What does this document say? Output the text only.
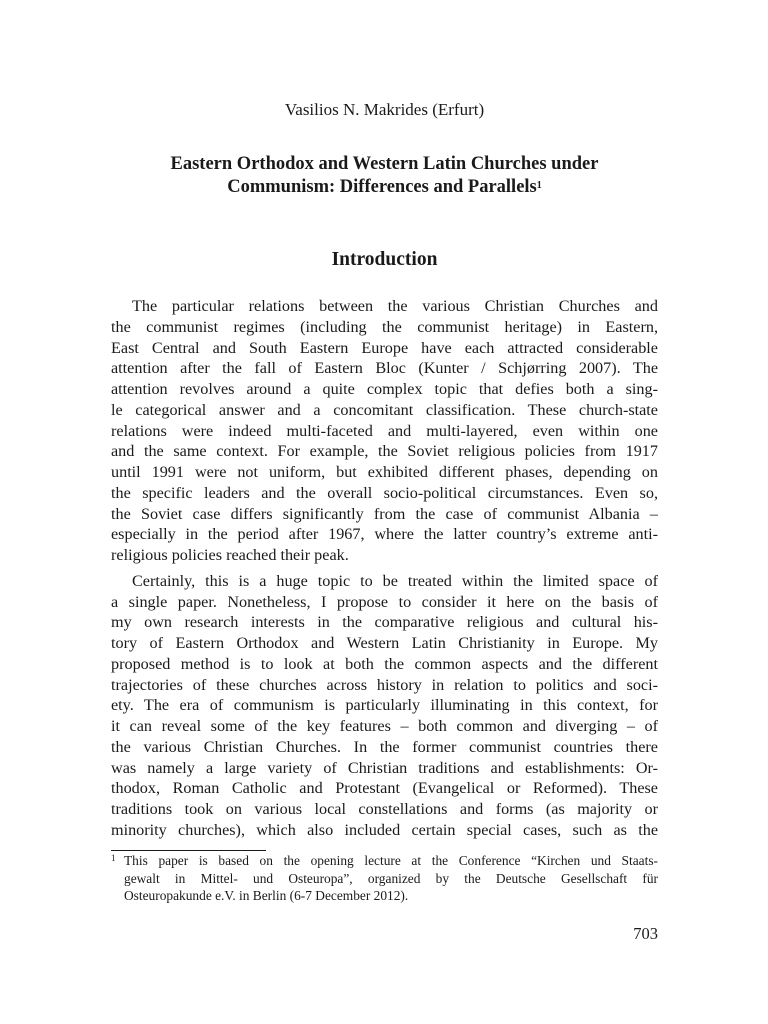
Vasilios N. Makrides (Erfurt)
Eastern Orthodox and Western Latin Churches under
Communism: Differences and Parallels$^1$
Introduction
The particular relations between the various Christian Churches and
the communist regimes (including the communist heritage) in Eastern,
East Central and South Eastern Europe have each attracted considerable
attention after the fall of Eastern Bloc (Kunter / Schjørring 2007). The
attention revolves around a quite complex topic that defies both a sing-
le categorical answer and a concomitant classification. These church-state
relations were indeed multi-faceted and multi-layered, even within one
and the same context. For example, the Soviet religious policies from 1917
until 1991 were not uniform, but exhibited different phases, depending on
the specific leaders and the overall socio-political circumstances. Even so,
the Soviet case differs significantly from the case of communist Albania –
especially in the period after 1967, where the latter country’s extreme anti-
religious policies reached their peak.
Certainly, this is a huge topic to be treated within the limited space of
a single paper. Nonetheless, I propose to consider it here on the basis of
my own research interests in the comparative religious and cultural his-
tory of Eastern Orthodox and Western Latin Christianity in Europe. My
proposed method is to look at both the common aspects and the different
trajectories of these churches across history in relation to politics and soci-
ety. The era of communism is particularly illuminating in this context, for
it can reveal some of the key features – both common and diverging – of
the various Christian Churches. In the former communist countries there
was namely a large variety of Christian traditions and establishments: Or-
thodox, Roman Catholic and Protestant (Evangelical or Reformed). These
traditions took on various local constellations and forms (as majority or
minority churches), which also included certain special cases, such as the
1 This paper is based on the opening lecture at the Conference “Kirchen und Staats-
gewalt in Mittel- und Osteuropa”, organized by the Deutsche Gesellschaft für
Osteuropakunde e.V. in Berlin (6-7 December 2012).
703
